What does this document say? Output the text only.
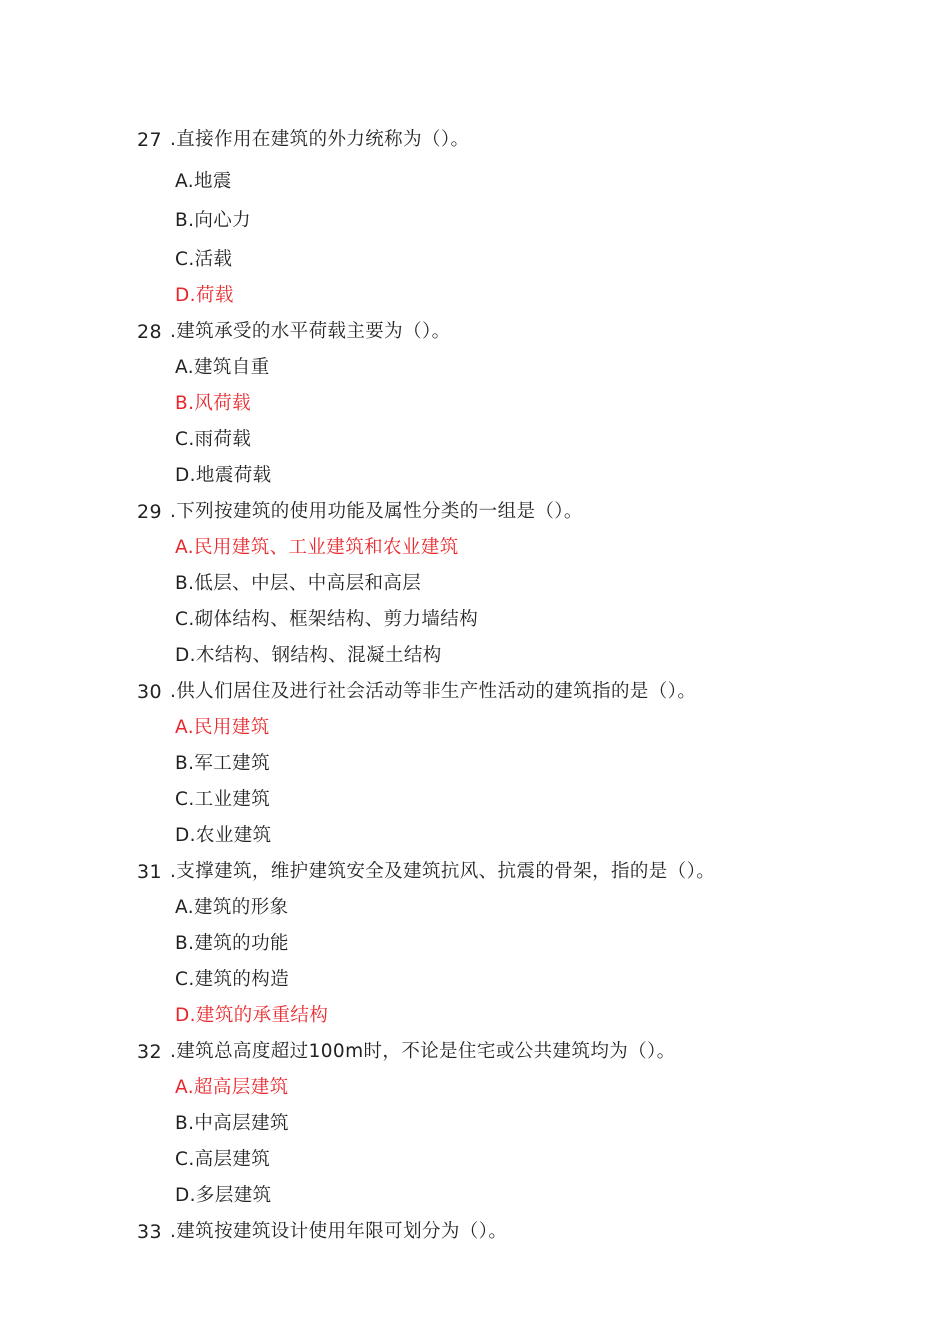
27 .直接作用在建筑的外力统称为（）。
A.地震
B.向心力
C.活载
D.荷载
28 .建筑承受的水平荷载主要为（）。
A.建筑自重
B.风荷载
C.雨荷载
D.地震荷载
29 .下列按建筑的使用功能及属性分类的一组是（）。
A.民用建筑、工业建筑和农业建筑
B.低层、中层、中高层和高层
C.砌体结构、框架结构、剪力墙结构
D.木结构、钢结构、混凝土结构
30 .供人们居住及进行社会活动等非生产性活动的建筑指的是（）。
A.民用建筑
B.军工建筑
C.工业建筑
D.农业建筑
31 .支撑建筑，维护建筑安全及建筑抗风、抗震的骨架，指的是（）。
A.建筑的形象
B.建筑的功能
C.建筑的构造
D.建筑的承重结构
32 .建筑总高度超过100m时，不论是住宅或公共建筑均为（）。
A.超高层建筑
B.中高层建筑
C.高层建筑
D.多层建筑
33 .建筑按建筑设计使用年限可划分为（）。
